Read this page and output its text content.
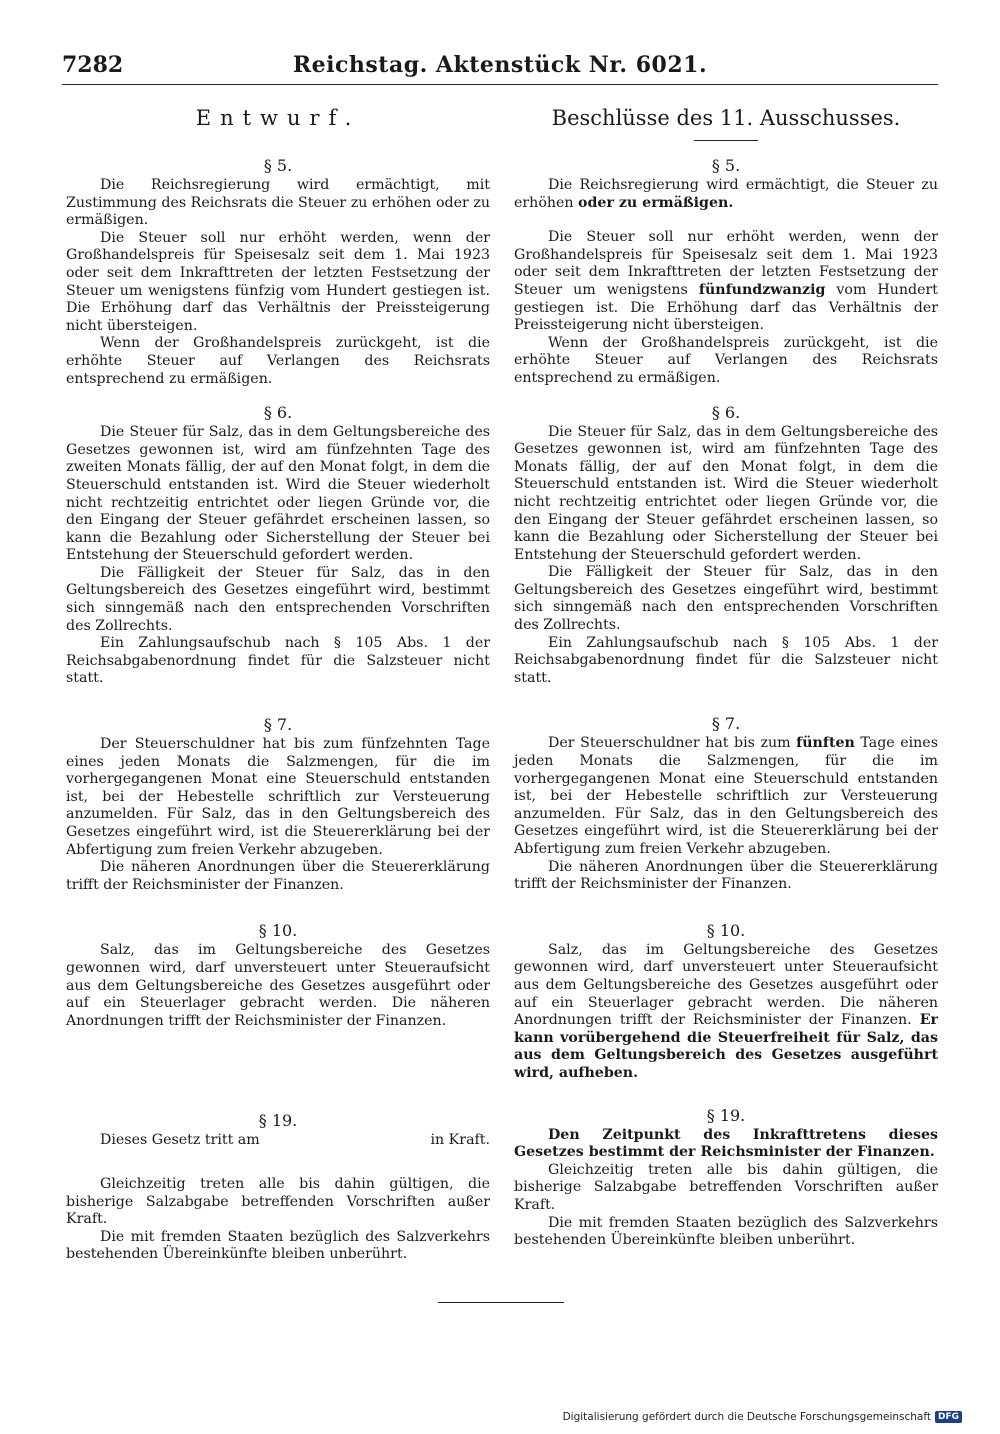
7282	Reichstag. Aktenstück Nr. 6021.
Entwurf.

§ 5.

Die Reichsregierung wird ermächtigt, mit Zustimmung des Reichsrats die Steuer zu erhöhen oder zu ermäßigen.

Die Steuer soll nur erhöht werden, wenn der Großhandelspreis für Speisesalz seit dem 1. Mai 1923 oder seit dem Inkrafttreten der letzten Festsetzung der Steuer um wenigstens fünfzig vom Hundert gestiegen ist. Die Erhöhung darf das Verhältnis der Preissteigerung nicht übersteigen.

Wenn der Großhandelspreis zurückgeht, ist die erhöhte Steuer auf Verlangen des Reichsrats entsprechend zu ermäßigen.

§ 6.

Die Steuer für Salz, das in dem Geltungsbereiche des Gesetzes gewonnen ist, wird am fünfzehnten Tage des zweiten Monats fällig, der auf den Monat folgt, in dem die Steuerschuld entstanden ist. Wird die Steuer wiederholt nicht rechtzeitig entrichtet oder liegen Gründe vor, die den Eingang der Steuer gefährdet erscheinen lassen, so kann die Bezahlung oder Sicherstellung der Steuer bei Entstehung der Steuerschuld gefordert werden.

Die Fälligkeit der Steuer für Salz, das in den Geltungsbereich des Gesetzes eingeführt wird, bestimmt sich sinngemäß nach den entsprechenden Vorschriften des Zollrechts.

Ein Zahlungsaufschub nach § 105 Abs. 1 der Reichsabgabenordnung findet für die Salzsteuer nicht statt.

§ 7.

Der Steuerschuldner hat bis zum fünfzehnten Tage eines jeden Monats die Salzmengen, für die im vorhergegangenen Monat eine Steuerschuld entstanden ist, bei der Hebestelle schriftlich zur Versteuerung anzumelden. Für Salz, das in den Geltungsbereich des Gesetzes eingeführt wird, ist die Steuererklärung bei der Abfertigung zum freien Verkehr abzugeben.

Die näheren Anordnungen über die Steuererklärung trifft der Reichsminister der Finanzen.

§ 10.

Salz, das im Geltungsbereiche des Gesetzes gewonnen wird, darf unversteuert unter Steueraufsicht aus dem Geltungsbereiche des Gesetzes ausgeführt oder auf ein Steuerlager gebracht werden. Die näheren Anordnungen trifft der Reichsminister der Finanzen.

§ 19.

Dieses Gesetz tritt am	in Kraft.

Gleichzeitig treten alle bis dahin gültigen, die bisherige Salzabgabe betreffenden Vorschriften außer Kraft.

Die mit fremden Staaten bezüglich des Salzverkehrs bestehenden Übereinkünfte bleiben unberührt.

Beschlüsse des 11. Ausschusses.

§ 5.

Die Reichsregierung wird ermächtigt, die Steuer zu erhöhen oder zu ermäßigen.

Die Steuer soll nur erhöht werden, wenn der Großhandelspreis für Speisesalz seit dem 1. Mai 1923 oder seit dem Inkrafttreten der letzten Festsetzung der Steuer um wenigstens fünfundzwanzig vom Hundert gestiegen ist. Die Erhöhung darf das Verhältnis der Preissteigerung nicht übersteigen.

Wenn der Großhandelspreis zurückgeht, ist die erhöhte Steuer auf Verlangen des Reichsrats entsprechend zu ermäßigen.

§ 6.

Die Steuer für Salz, das in dem Geltungsbereiche des Gesetzes gewonnen ist, wird am fünfzehnten Tage des Monats fällig, der auf den Monat folgt, in dem die Steuerschuld entstanden ist. Wird die Steuer wiederholt nicht rechtzeitig entrichtet oder liegen Gründe vor, die den Eingang der Steuer gefährdet erscheinen lassen, so kann die Bezahlung oder Sicherstellung der Steuer bei Entstehung der Steuerschuld gefordert werden.

Die Fälligkeit der Steuer für Salz, das in den Geltungsbereich des Gesetzes eingeführt wird, bestimmt sich sinngemäß nach den entsprechenden Vorschriften des Zollrechts.

Ein Zahlungsaufschub nach § 105 Abs. 1 der Reichsabgabenordnung findet für die Salzsteuer nicht statt.

§ 7.

Der Steuerschuldner hat bis zum fünften Tage eines jeden Monats die Salzmengen, für die im vorhergegangenen Monat eine Steuerschuld entstanden ist, bei der Hebestelle schriftlich zur Versteuerung anzumelden. Für Salz, das in den Geltungsbereich des Gesetzes eingeführt wird, ist die Steuererklärung bei der Abfertigung zum freien Verkehr abzugeben.

Die näheren Anordnungen über die Steuererklärung trifft der Reichsminister der Finanzen.

§ 10.

Salz, das im Geltungsbereiche des Gesetzes gewonnen wird, darf unversteuert unter Steueraufsicht aus dem Geltungsbereiche des Gesetzes ausgeführt oder auf ein Steuerlager gebracht werden. Die näheren Anordnungen trifft der Reichsminister der Finanzen. Er kann vorübergehend die Steuerfreiheit für Salz, das aus dem Geltungsbereich des Gesetzes ausgeführt wird, aufheben.

§ 19.

Den Zeitpunkt des Inkrafttretens dieses Gesetzes bestimmt der Reichsminister der Finanzen.

Gleichzeitig treten alle bis dahin gültigen, die bisherige Salzabgabe betreffenden Vorschriften außer Kraft.

Die mit fremden Staaten bezüglich des Salzverkehrs bestehenden Übereinkünfte bleiben unberührt.

Digitalisierung gefördert durch die Deutsche Forschungsgemeinschaft DFG
